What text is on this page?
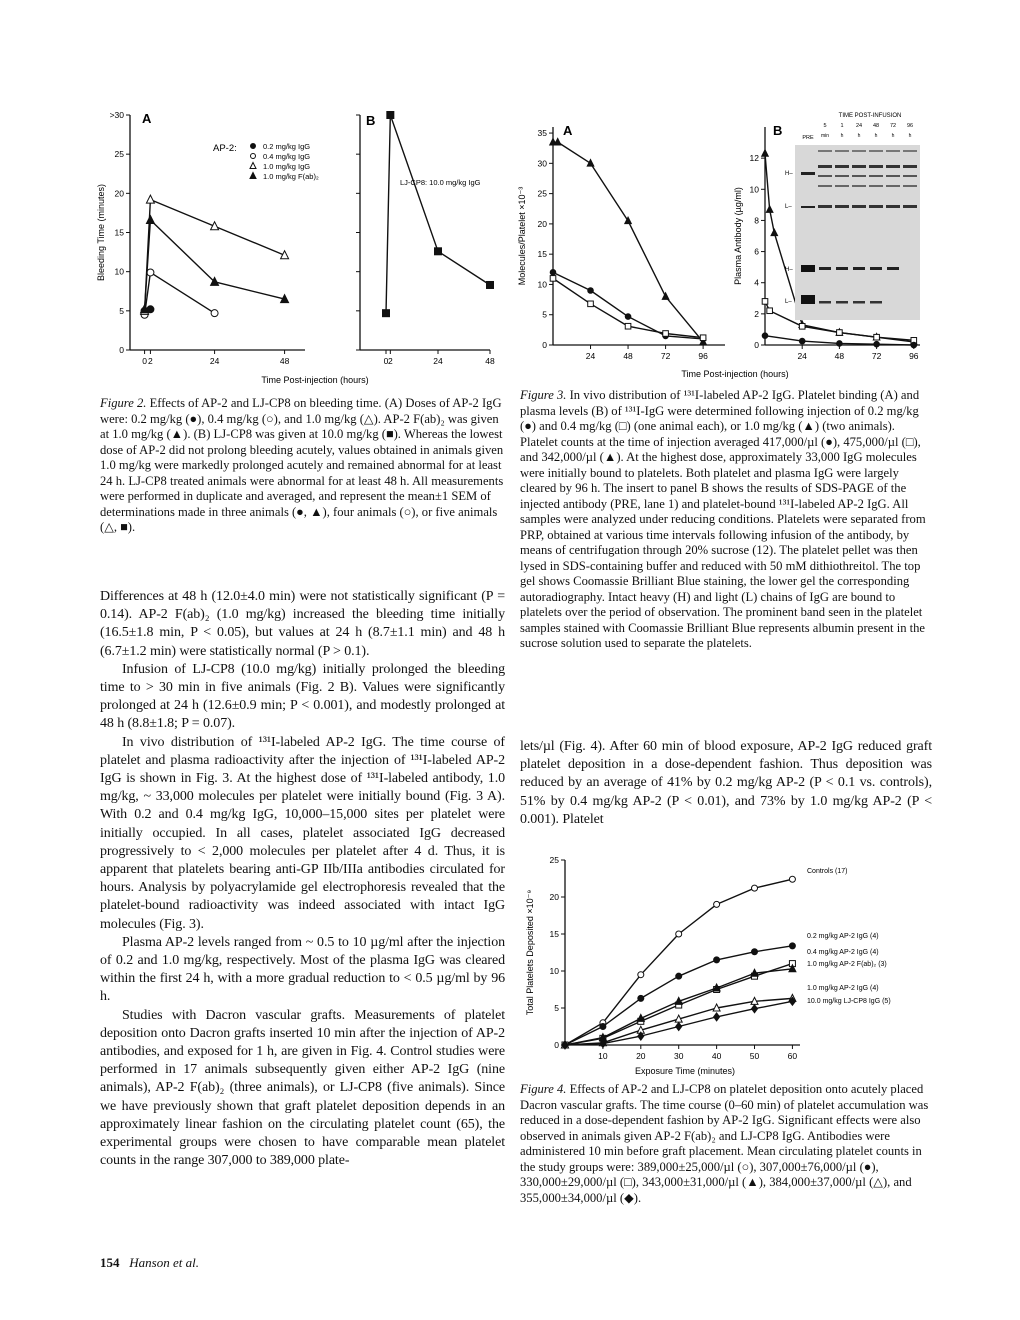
0 2	24	48
0
5
10
15
20
25
>30
Bleeding Time (minutes)
A
0 2	24	48
B
Time Post-injection (hours)
AP-2:	0.2 mg/kg IgG
0.4 mg/kg IgG
1.0 mg/kg IgG
1.0 mg/kg F(ab)₂
LJ-CP8: 10.0 mg/kg IgG
Figure 2. Effects of AP-2 and LJ-CP8 on bleeding time. (A) Doses of AP-2 IgG were: 0.2 mg/kg (●), 0.4 mg/kg (○), and 1.0 mg/kg (△). AP-2 F(ab)₂ was given at 1.0 mg/kg (▲). (B) LJ-CP8 was given at 10.0 mg/kg (■). Whereas the lowest dose of AP-2 did not prolong bleeding acutely, values obtained in animals given 1.0 mg/kg were markedly prolonged acutely and remained abnormal for at least 24 h. LJ-CP8 treated animals were abnormal for at least 48 h. All measurements were performed in duplicate and averaged, and represent the mean±1 SEM of determinations made in three animals (●, ▲), four animals (○), or five animals (△, ■).
24	48	72	96
0
5
10
15
20
25
30
35
Molecules/Platelet ×10⁻³
A
24	48	72	96
0
2
4
6
8
10
12
Plasma Antibody (µg/ml)
B
Time Post-injection (hours)
TIME POST-INFUSION
PRE
5
min
1
h
24
h
48
h
72
h
96
h
H–
L–
H–
L–
Figure 3. In vivo distribution of ¹³¹I-labeled AP-2 IgG. Platelet binding (A) and plasma levels (B) of ¹³¹I-IgG were determined following injection of 0.2 mg/kg (●) and 0.4 mg/kg (□) (one animal each), or 1.0 mg/kg (▲) (two animals). Platelet counts at the time of injection averaged 417,000/µl (●), 475,000/µl (□), and 342,000/µl (▲). At the highest dose, approximately 33,000 IgG molecules were initially bound to platelets. Both platelet and plasma IgG were largely cleared by 96 h. The insert to panel B shows the results of SDS-PAGE of the injected antibody (PRE, lane 1) and platelet-bound ¹³¹I-labeled AP-2 IgG. All samples were analyzed under reducing conditions. Platelets were separated from PRP, obtained at various time intervals following infusion of the antibody, by means of centrifugation through 20% sucrose (12). The platelet pellet was then lysed in SDS-containing buffer and reduced with 50 mM dithiothreitol. The top gel shows Coomassie Brilliant Blue staining, the lower gel the corresponding autoradiography. Intact heavy (H) and light (L) chains of IgG are bound to platelets over the period of observation. The prominent band seen in the platelet samples stained with Coomassie Brilliant Blue represents albumin present in the sucrose solution used to separate the platelets.

Differences at 48 h (12.0±4.0 min) were not statistically significant (P = 0.14). AP-2 F(ab)₂ (1.0 mg/kg) increased the bleeding time initially (16.5±1.8 min, P < 0.05), but values at 24 h (8.7±1.1 min) and 48 h (6.7±1.2 min) were statistically normal (P > 0.1).

Infusion of LJ-CP8 (10.0 mg/kg) initially prolonged the bleeding time to > 30 min in five animals (Fig. 2 B). Values were significantly prolonged at 24 h (12.6±0.9 min; P < 0.001), and modestly prolonged at 48 h (8.8±1.8; P = 0.07).

In vivo distribution of ¹³¹I-labeled AP-2 IgG. The time course of platelet and plasma radioactivity after the injection of ¹³¹I-labeled AP-2 IgG is shown in Fig. 3. At the highest dose of ¹³¹I-labeled antibody, 1.0 mg/kg, ~ 33,000 molecules per platelet were initially bound (Fig. 3 A). With 0.2 and 0.4 mg/kg IgG, 10,000–15,000 sites per platelet were initially occupied. In all cases, platelet associated IgG decreased progressively to < 2,000 molecules per platelet after 4 d. Thus, it is apparent that platelets bearing anti-GP IIb/IIIa antibodies circulated for hours. Analysis by polyacrylamide gel electrophoresis revealed that the platelet-bound radioactivity was indeed associated with intact IgG molecules (Fig. 3).

Plasma AP-2 levels ranged from ~ 0.5 to 10 µg/ml after the injection of 0.2 and 1.0 mg/kg, respectively. Most of the plasma IgG was cleared within the first 24 h, with a more gradual reduction to < 0.5 µg/ml by 96 h.

Studies with Dacron vascular grafts. Measurements of platelet deposition onto Dacron grafts inserted 10 min after the injection of AP-2 antibodies, and exposed for 1 h, are given in Fig. 4. Control studies were performed in 17 animals subsequently given either AP-2 IgG (nine animals), AP-2 F(ab)₂ (three animals), or LJ-CP8 (five animals). Since we have previously shown that graft platelet deposition depends in an approximately linear fashion on the circulating platelet count (65), the experimental groups were chosen to have comparable mean platelet counts in the range 307,000 to 389,000 plate-

lets/µl (Fig. 4). After 60 min of blood exposure, AP-2 IgG reduced graft platelet deposition in a dose-dependent fashion. Thus deposition was reduced by an average of 41% by 0.2 mg/kg AP-2 (P < 0.1 vs. controls), 51% by 0.4 mg/kg AP-2 (P < 0.01), and 73% by 1.0 mg/kg AP-2 (P < 0.001). Platelet

10	20	30	40	50	60
0
5
10
15
20
25
Total Platelets Deposited ×10⁻⁹
Exposure Time (minutes)
Controls (17)
0.2 mg/kg AP-2 IgG (4)
0.4 mg/kg AP-2 IgG (4)
1.0 mg/kg AP-2 F(ab)₂ (3)
1.0 mg/kg AP-2 IgG (4)
10.0 mg/kg LJ-CP8 IgG (5)
Figure 4. Effects of AP-2 and LJ-CP8 on platelet deposition onto acutely placed Dacron vascular grafts. The time course (0–60 min) of platelet accumulation was reduced in a dose-dependent fashion by AP-2 IgG. Significant effects were also observed in animals given AP-2 F(ab)₂ and LJ-CP8 IgG. Antibodies were administered 10 min before graft placement. Mean circulating platelet counts in the study groups were: 389,000±25,000/µl (○), 307,000±76,000/µl (●), 330,000±29,000/µl (□), 343,000±31,000/µl (▲), 384,000±37,000/µl (△), and 355,000±34,000/µl (◆).
154 Hanson et al.
